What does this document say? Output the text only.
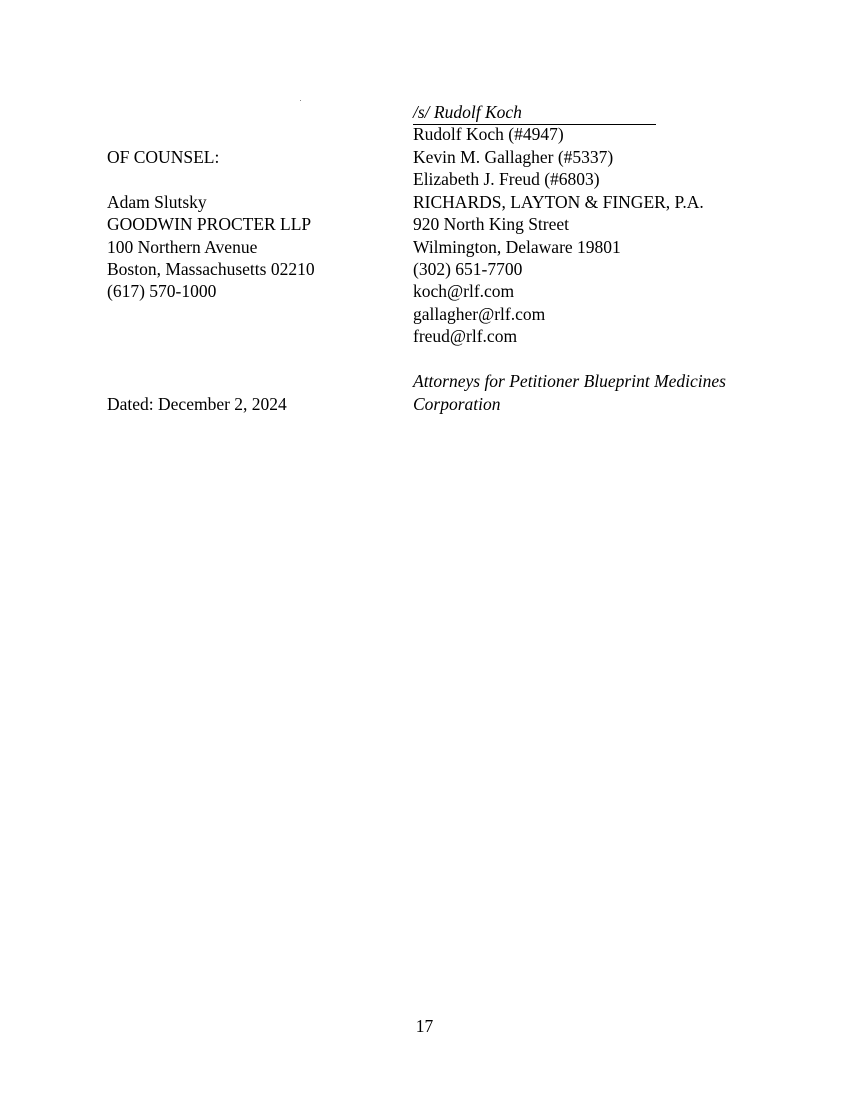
/s/ Rudolf Koch
Rudolf Koch (#4947)
Kevin M. Gallagher (#5337)
Elizabeth J. Freud (#6803)
RICHARDS, LAYTON & FINGER, P.A.
920 North King Street
Wilmington, Delaware 19801
(302) 651-7700
koch@rlf.com
gallagher@rlf.com
freud@rlf.com
Attorneys for Petitioner Blueprint Medicines
Corporation
OF COUNSEL:
Adam Slutsky
GOODWIN PROCTER LLP
100 Northern Avenue
Boston, Massachusetts 02210
(617) 570-1000
Dated: December 2, 2024
17
